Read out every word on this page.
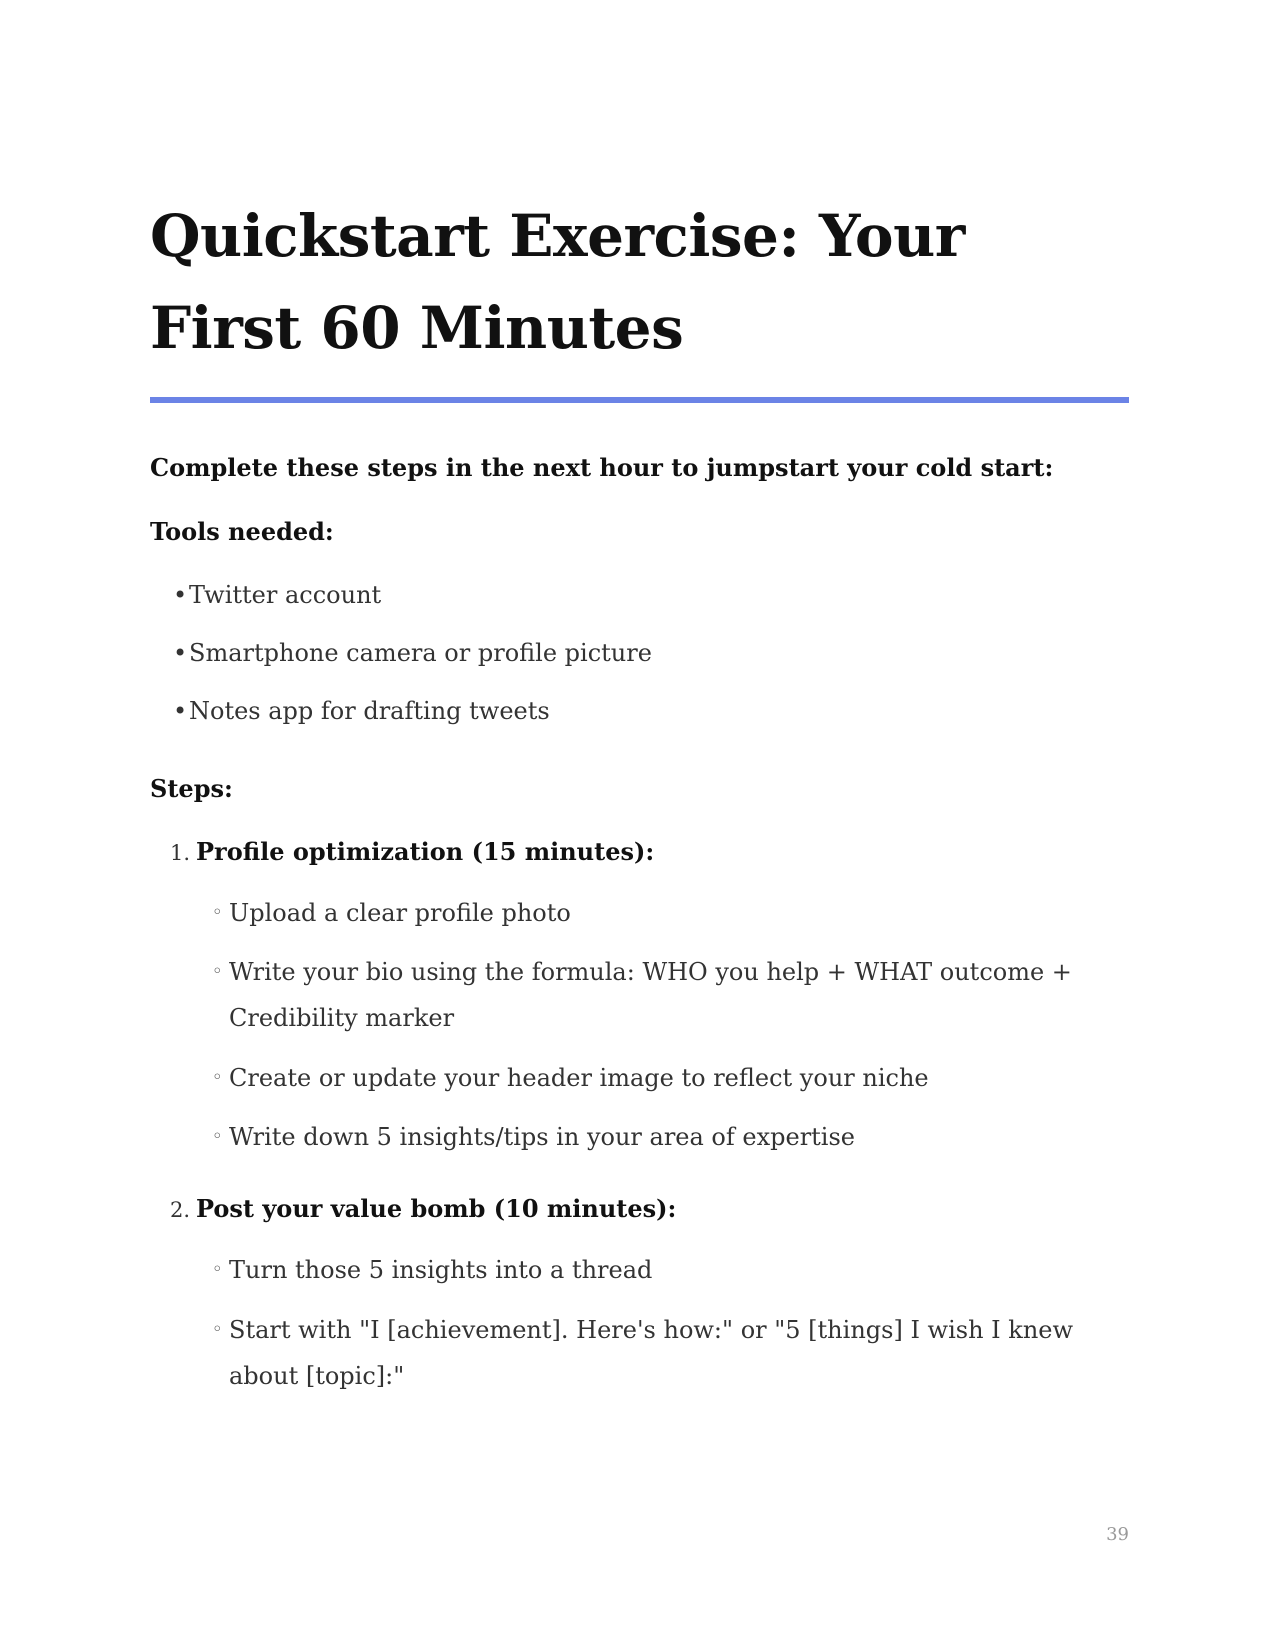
Quickstart Exercise: Your First 60 Minutes

Complete these steps in the next hour to jumpstart your cold start:

Tools needed:

•Twitter account

•Smartphone camera or profile picture

•Notes app for drafting tweets

Steps:

1. Profile optimization (15 minutes):

◦ Upload a clear profile photo
◦ Write your bio using the formula: WHO you help + WHAT outcome + Credibility marker
◦ Create or update your header image to reflect your niche
◦ Write down 5 insights/tips in your area of expertise

2. Post your value bomb (10 minutes):

◦ Turn those 5 insights into a thread
◦ Start with "I [achievement]. Here's how:" or "5 [things] I wish I knew about [topic]:"

39
